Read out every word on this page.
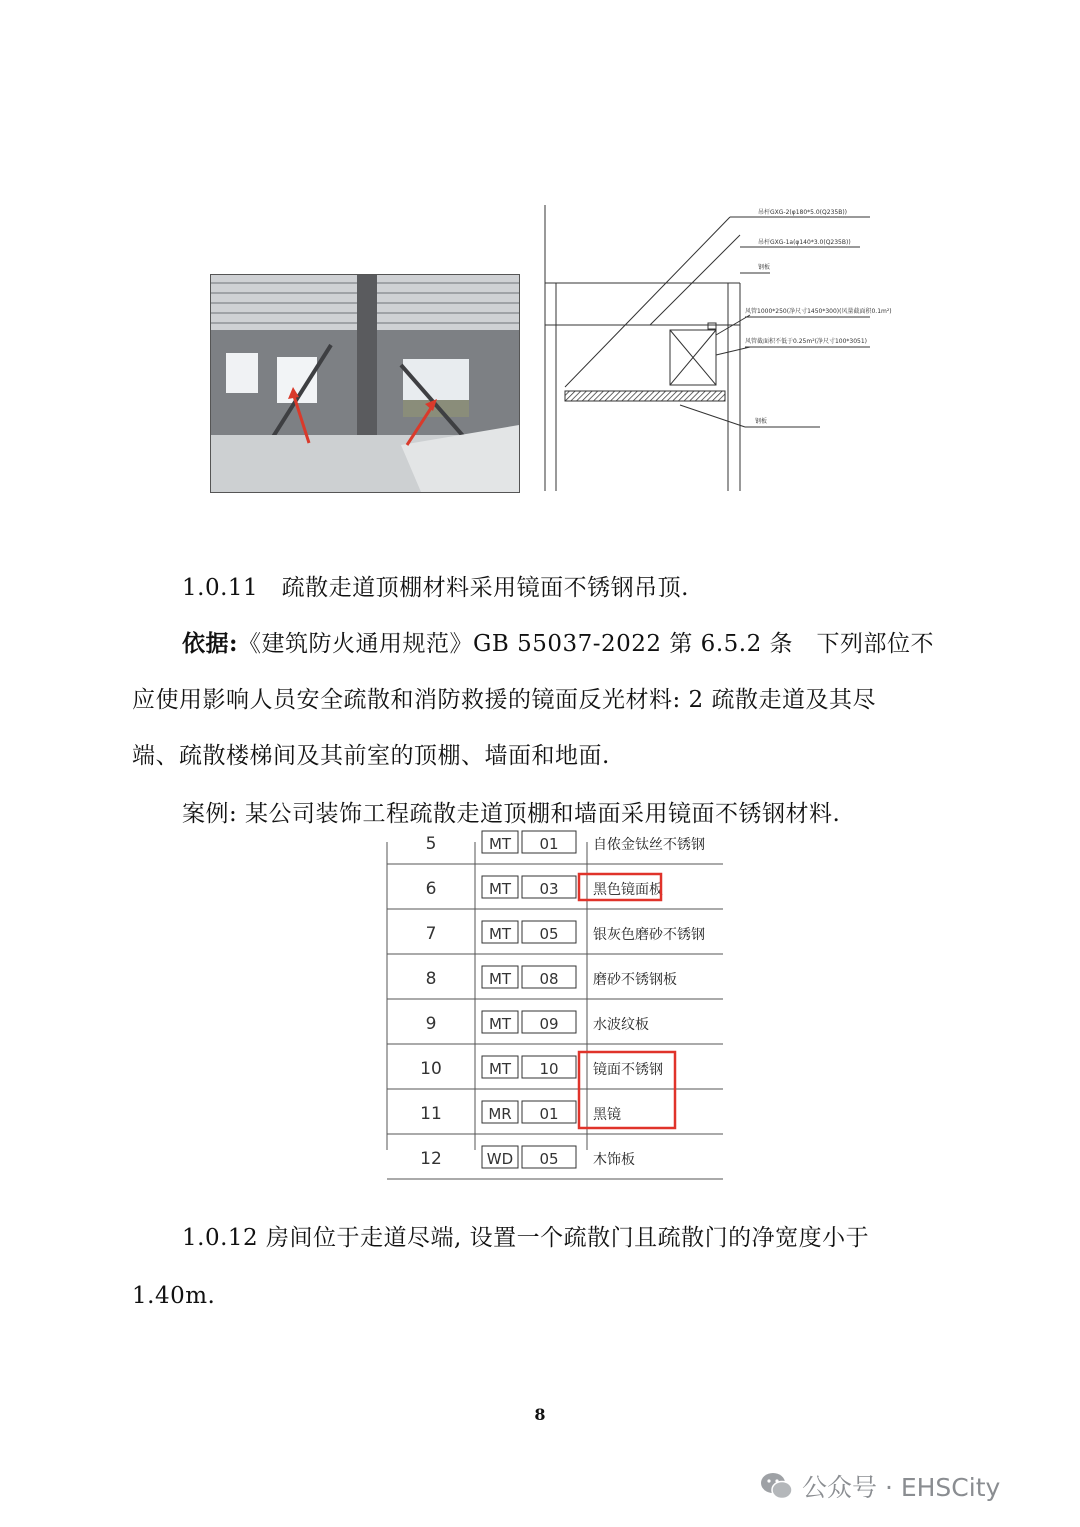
吊杆GXG-2(φ180*5.0(Q235B))
吊杆GXG-1a(φ140*3.0(Q235B))
钢板
风管1000*250(净尺寸1450*300)(风量截面积0.1m²)
风管截面积不低于0.25m²(净尺寸100*3051)
钢板
1.0.11　疏散走道顶棚材料采用镜面不锈钢吊顶.
依据:《建筑防火通用规范》GB 55037-2022 第 6.5.2 条　下列部位不
应使用影响人员安全疏散和消防救援的镜面反光材料: 2 疏散走道及其尽
端、疏散楼梯间及其前室的顶棚、墙面和地面.
案例: 某公司装饰工程疏散走道顶棚和墙面采用镜面不锈钢材料.
5	MT 01 自侬金钛丝不锈钢
6	MT 03 黑色镜面板
7	MT 05 银灰色磨砂不锈钢
8	MT 08 磨砂不锈钢板
9	MT 09 水波纹板
10	MT 10 镜面不锈钢
11	MR 01 黑镜
12	WD 05 木饰板
1.0.12 房间位于走道尽端, 设置一个疏散门且疏散门的净宽度小于
1.40m.
8
公众号 · EHSCity
